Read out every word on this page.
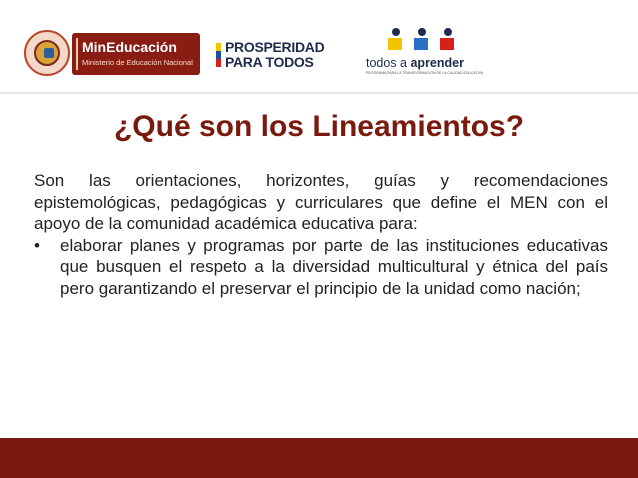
MinEducación
Ministerio de Educación Nacional
PROSPERIDAD
PARA TODOS	todos a aprender
PROGRAMA PARA LA TRANSFORMACIÓN DE LA CALIDAD EDUCATIVA
¿Qué son los Lineamientos?

Son las orientaciones, horizontes, guías y recomendaciones epistemológicas, pedagógicas y curriculares que define el MEN con el apoyo de la comunidad académica educativa para:

•	elaborar planes y programas por parte de las instituciones educativas que busquen el respeto a la diversidad multicultural y étnica del país pero garantizando el preservar el principio de la unidad como nación;
